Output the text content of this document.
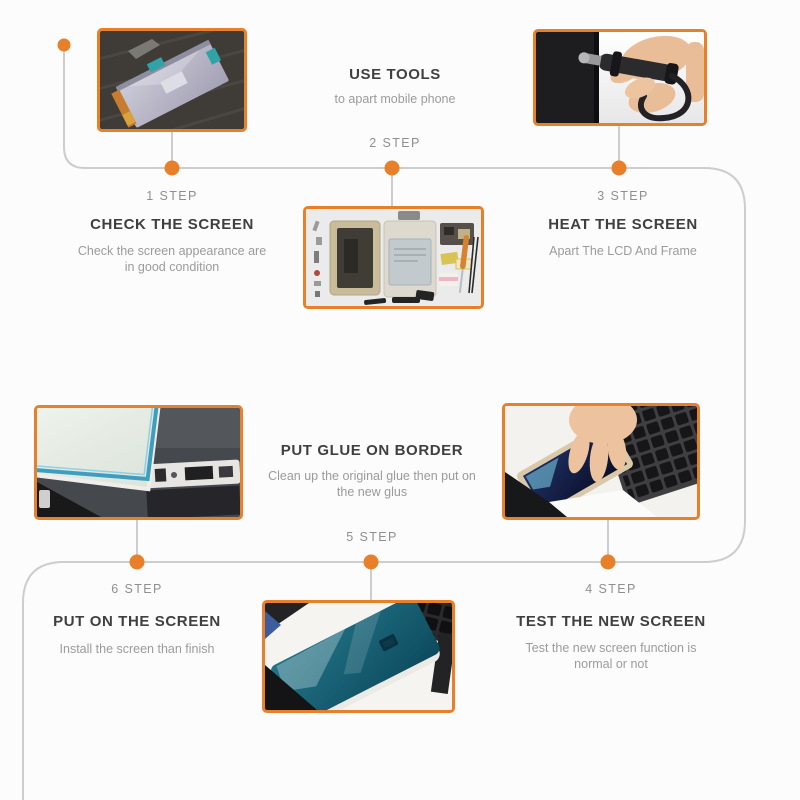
USE TOOLS
to apart mobile phone
2 STEP
1 STEP
CHECK THE SCREEN
Check the screen appearance are in good condition
3 STEP
HEAT THE SCREEN
Apart The LCD And Frame
PUT GLUE ON BORDER
Clean up the original glue then put on the new glus
5 STEP
6 STEP
PUT ON THE SCREEN
Install the screen than finish
4 STEP
TEST THE NEW SCREEN
Test the new screen function is normal or not
